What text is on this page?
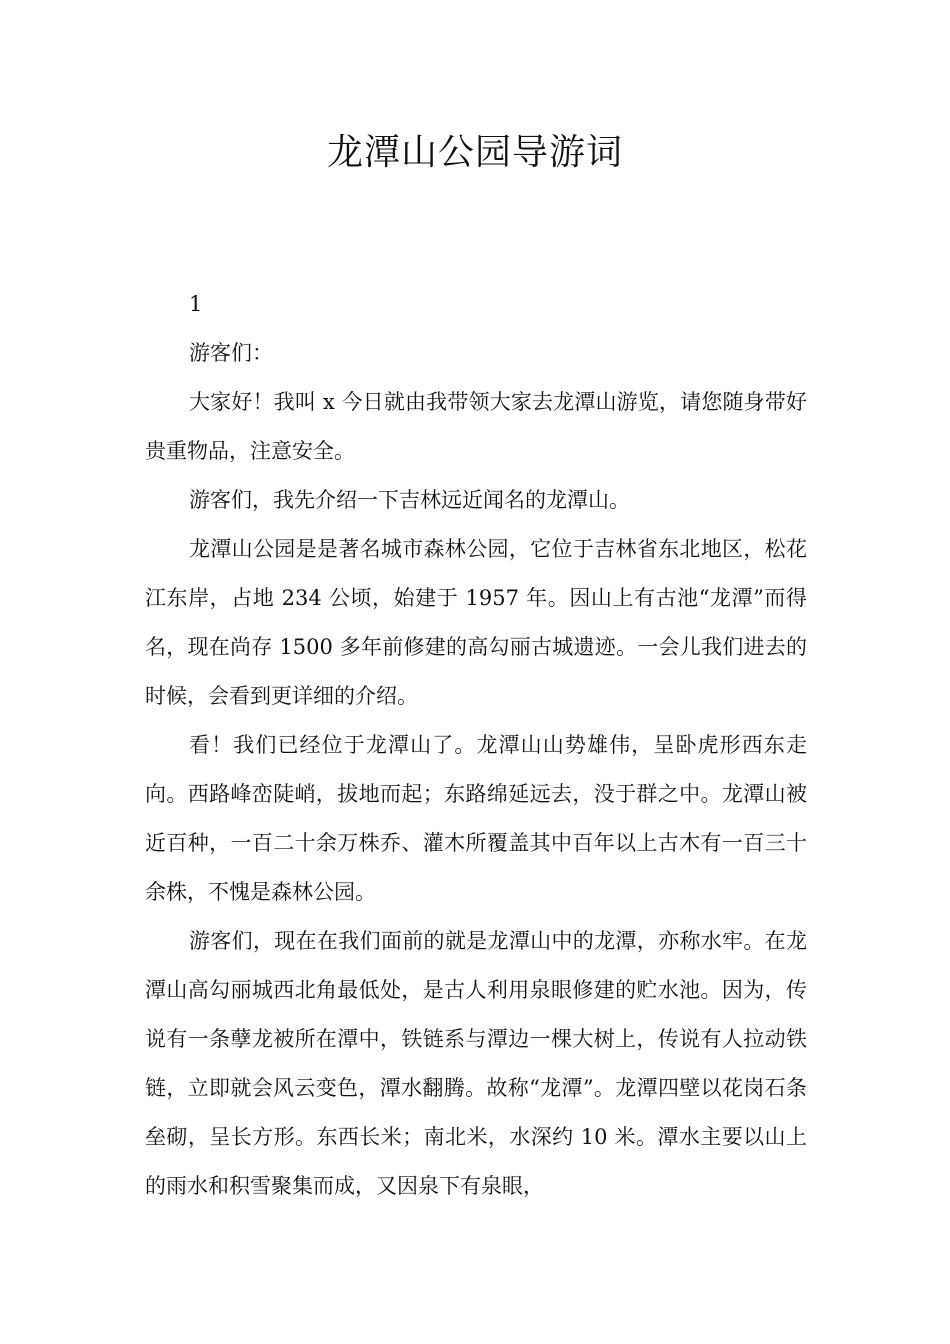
龙潭山公园导游词

1

游客们：

大家好！我叫 x 今日就由我带领大家去龙潭山游览，请您随身带好贵重物品，注意安全。

游客们，我先介绍一下吉林远近闻名的龙潭山。

龙潭山公园是是著名城市森林公园，它位于吉林省东北地区，松花江东岸，占地 234 公顷，始建于 1957 年。因山上有古池“龙潭”而得名，现在尚存 1500 多年前修建的高勾丽古城遗迹。一会儿我们进去的时候，会看到更详细的介绍。

看！我们已经位于龙潭山了。龙潭山山势雄伟，呈卧虎形西东走向。西路峰峦陡峭，拔地而起；东路绵延远去，没于群之中。龙潭山被近百种，一百二十余万株乔、灌木所覆盖其中百年以上古木有一百三十余株，不愧是森林公园。

游客们，现在在我们面前的就是龙潭山中的龙潭，亦称水牢。在龙潭山高勾丽城西北角最低处，是古人利用泉眼修建的贮水池。因为，传说有一条孽龙被所在潭中，铁链系与潭边一棵大树上，传说有人拉动铁链，立即就会风云变色，潭水翻腾。故称“龙潭”。龙潭四壁以花岗石条垒砌，呈长方形。东西长米；南北米，水深约 10 米。潭水主要以山上的雨水和积雪聚集而成，又因泉下有泉眼，
